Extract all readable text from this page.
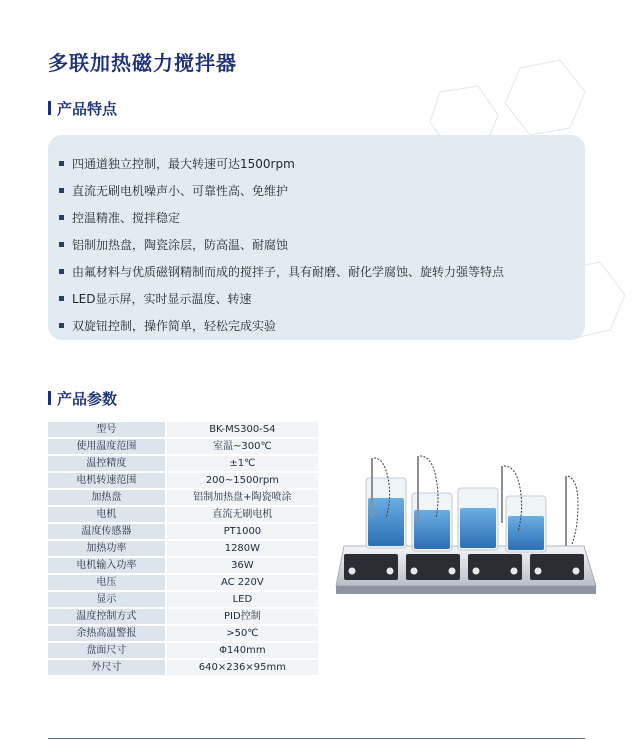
多联加热磁力搅拌器
产品特点
四通道独立控制，最大转速可达1500rpm
直流无刷电机噪声小、可靠性高、免维护
控温精准、搅拌稳定
铝制加热盘，陶瓷涂层，防高温、耐腐蚀
由氟材料与优质磁钢精制而成的搅拌子，具有耐磨、耐化学腐蚀、旋转力强等特点
LED显示屏，实时显示温度、转速
双旋钮控制，操作简单，轻松完成实验
产品参数
型号	BK-MS300-S4
使用温度范围	室温~300℃
温控精度	±1℃
电机转速范围	200~1500rpm
加热盘	铝制加热盘+陶瓷喷涂
电机	直流无刷电机
温度传感器	PT1000
加热功率	1280W
电机输入功率	36W
电压	AC 220V
显示	LED
温度控制方式	PID控制
余热高温警报	>50℃
盘面尺寸	Φ140mm
外尺寸	640×236×95mm
